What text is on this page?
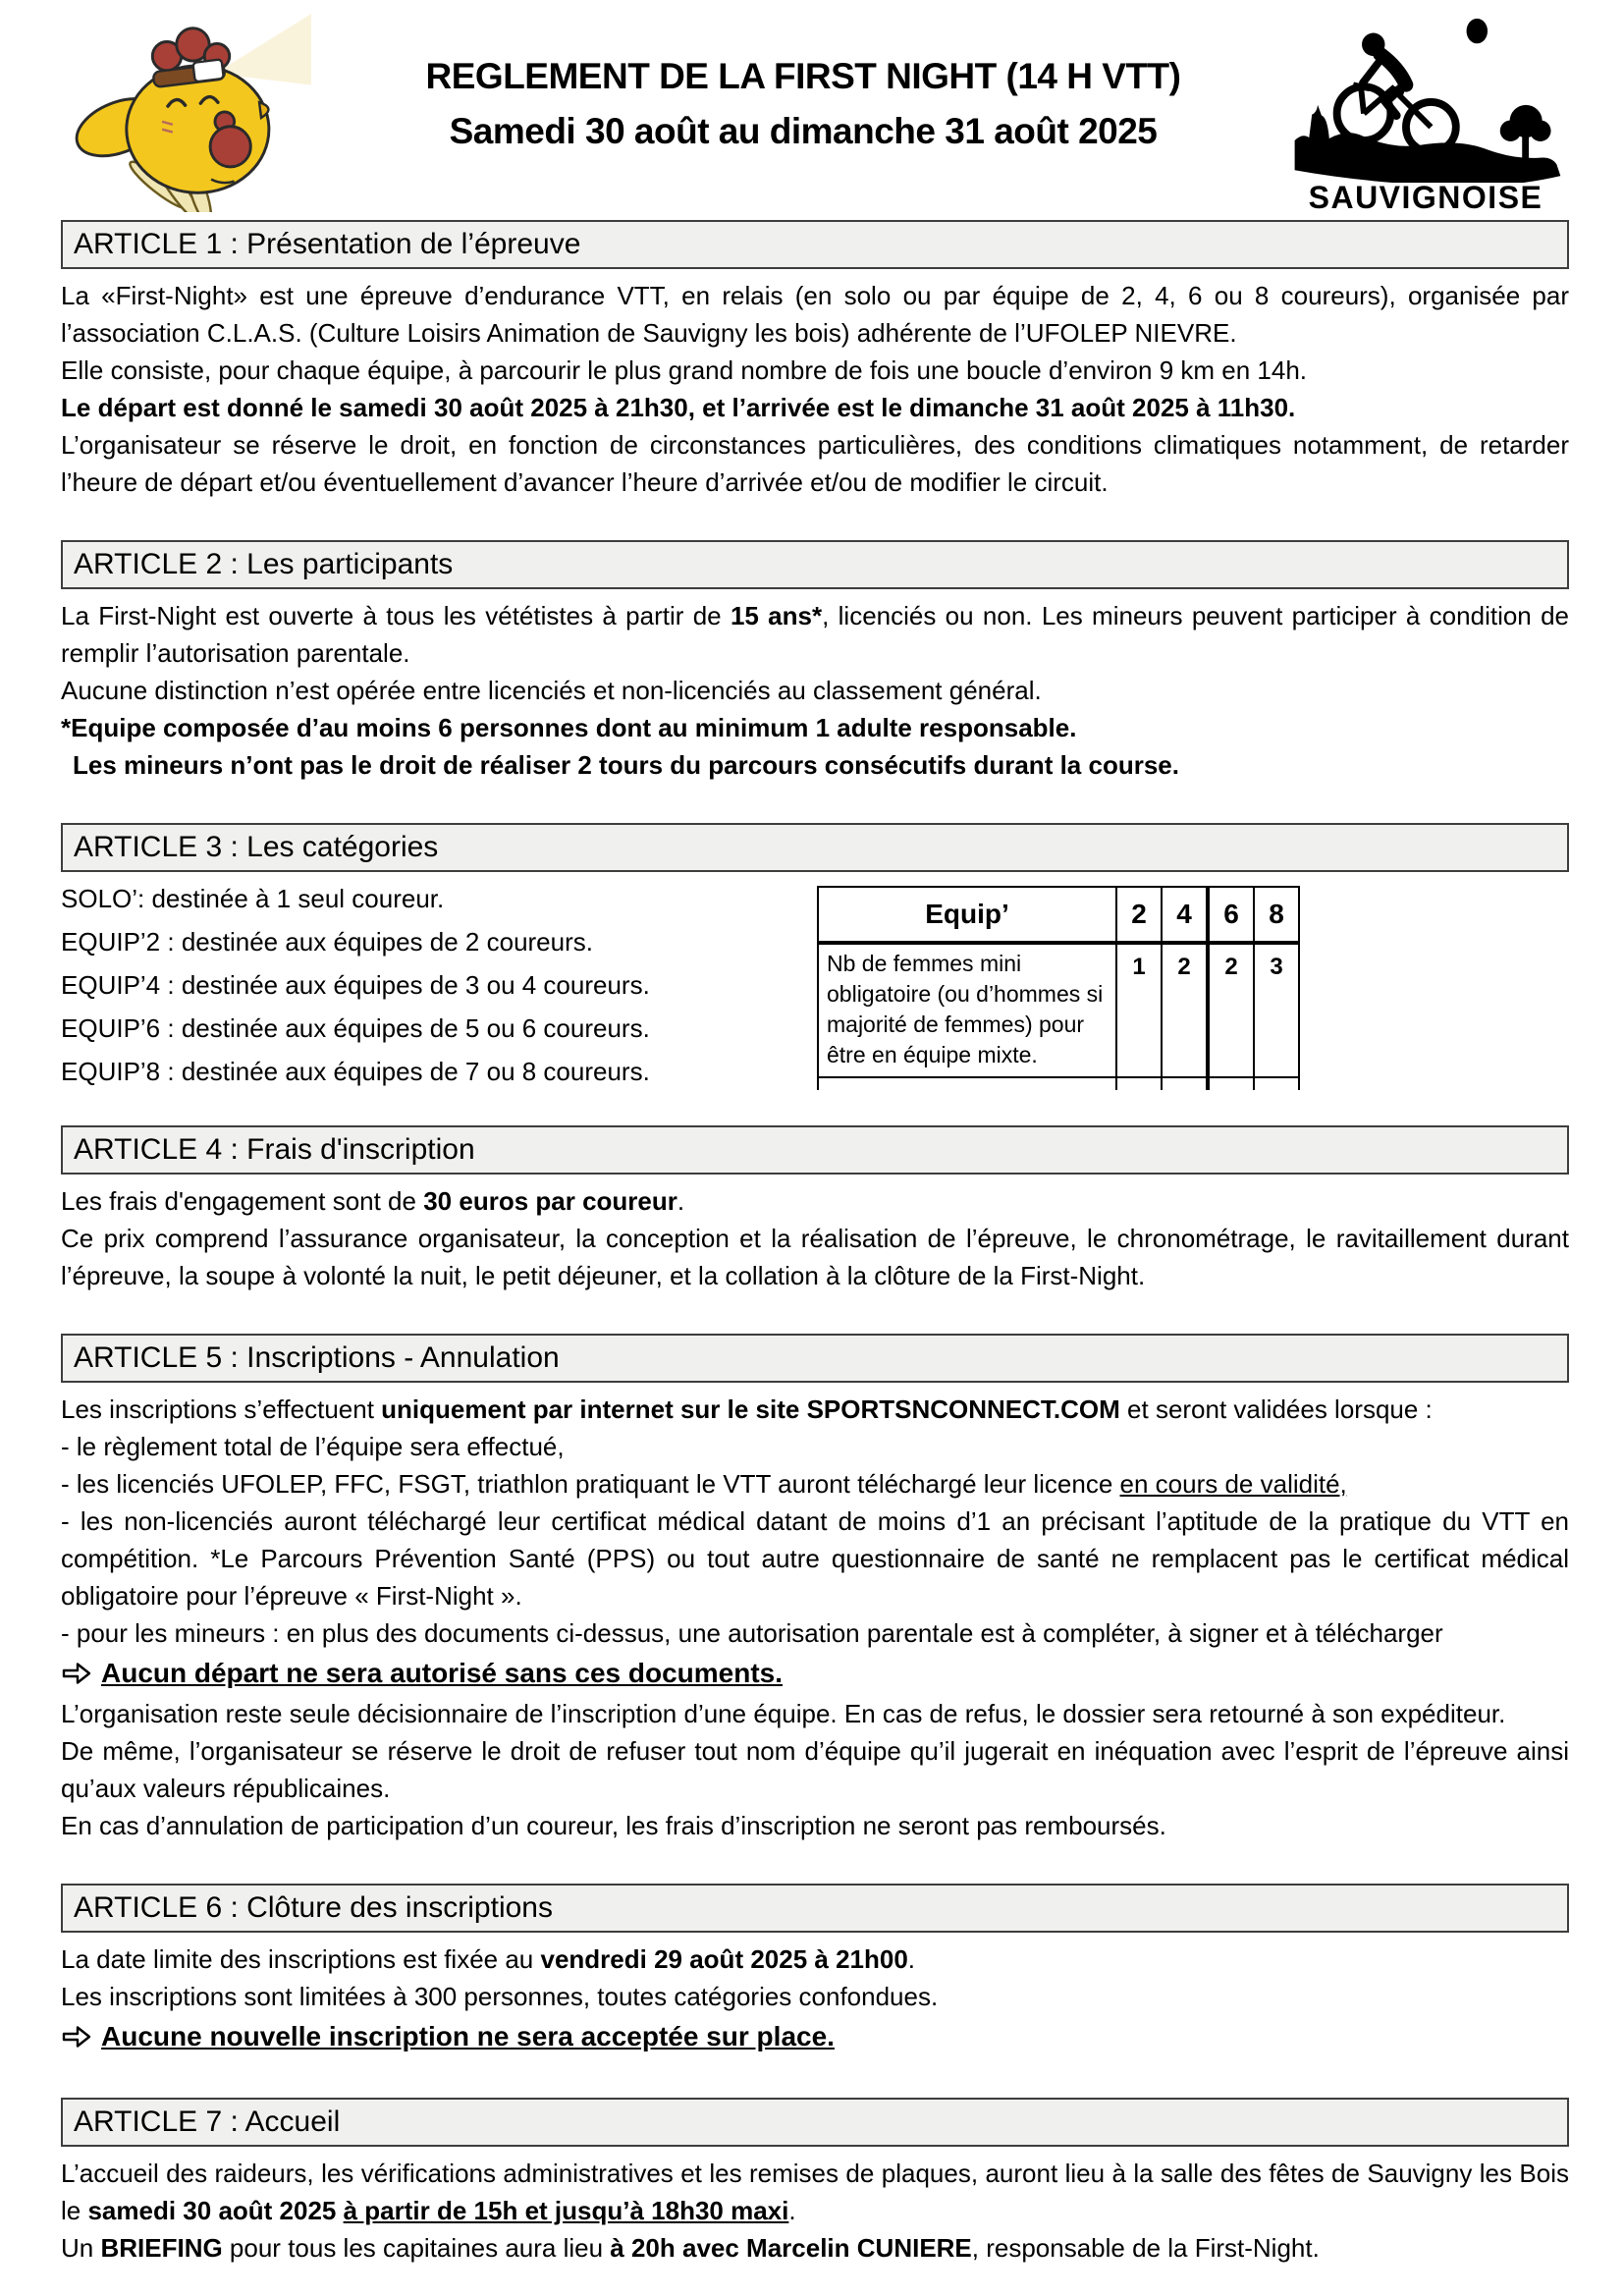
REGLEMENT DE LA FIRST NIGHT (14 H VTT)
Samedi 30 août au dimanche 31 août 2025
SAUVIGNOISE
ARTICLE 1 : Présentation de l’épreuve

La «First-Night» est une épreuve d’endurance VTT, en relais (en solo ou par équipe de 2, 4, 6 ou 8 coureurs), organisée par l’association C.L.A.S. (Culture Loisirs Animation de Sauvigny les bois) adhérente de l’UFOLEP NIEVRE.

Elle consiste, pour chaque équipe, à parcourir le plus grand nombre de fois une boucle d’environ 9 km en 14h.

Le départ est donné le samedi 30 août 2025 à 21h30, et l’arrivée est le dimanche 31 août 2025 à 11h30.

L’organisateur se réserve le droit, en fonction de circonstances particulières, des conditions climatiques notamment, de retarder l’heure de départ et/ou éventuellement d’avancer l’heure d’arrivée et/ou de modifier le circuit.

ARTICLE 2 : Les participants

La First-Night est ouverte à tous les vététistes à partir de 15 ans*, licenciés ou non. Les mineurs peuvent participer à condition de remplir l’autorisation parentale.

Aucune distinction n’est opérée entre licenciés et non-licenciés au classement général.

*Equipe composée d’au moins 6 personnes dont au minimum 1 adulte responsable.

Les mineurs n’ont pas le droit de réaliser 2 tours du parcours consécutifs durant la course.

ARTICLE 3 : Les catégories
SOLO’: destinée à 1 seul coureur.
EQUIP’2 : destinée aux équipes de 2 coureurs.
EQUIP’4 : destinée aux équipes de 3 ou 4 coureurs.
EQUIP’6 : destinée aux équipes de 5 ou 6 coureurs.
EQUIP’8 : destinée aux équipes de 7 ou 8 coureurs.
Equip’	2	4	6	8
Nb de femmes mini obligatoire (ou d’hommes si majorité de femmes) pour être en équipe mixte.	1	2	2	3

ARTICLE 4 : Frais d'inscription

Les frais d'engagement sont de 30 euros par coureur.

Ce prix comprend l’assurance organisateur, la conception et la réalisation de l’épreuve, le chronométrage, le ravitaillement durant l’épreuve, la soupe à volonté la nuit, le petit déjeuner, et la collation à la clôture de la First-Night.

ARTICLE 5 : Inscriptions - Annulation

Les inscriptions s’effectuent uniquement par internet sur le site SPORTSNCONNECT.COM et seront validées lorsque :

- le règlement total de l’équipe sera effectué,

- les licenciés UFOLEP, FFC, FSGT, triathlon pratiquant le VTT auront téléchargé leur licence en cours de validité,

- les non-licenciés auront téléchargé leur certificat médical datant de moins d’1 an précisant l’aptitude de la pratique du VTT en compétition. *Le Parcours Prévention Santé (PPS) ou tout autre questionnaire de santé ne remplacent pas le certificat médical obligatoire pour l’épreuve « First-Night ».

- pour les mineurs : en plus des documents ci-dessus, une autorisation parentale est à compléter, à signer et à télécharger

Aucun départ ne sera autorisé sans ces documents.

L’organisation reste seule décisionnaire de l’inscription d’une équipe. En cas de refus, le dossier sera retourné à son expéditeur.

De même, l’organisateur se réserve le droit de refuser tout nom d’équipe qu’il jugerait en inéquation avec l’esprit de l’épreuve ainsi qu’aux valeurs républicaines.

En cas d’annulation de participation d’un coureur, les frais d’inscription ne seront pas remboursés.

ARTICLE 6 : Clôture des inscriptions

La date limite des inscriptions est fixée au vendredi 29 août 2025 à 21h00.

Les inscriptions sont limitées à 300 personnes, toutes catégories confondues.

Aucune nouvelle inscription ne sera acceptée sur place.

ARTICLE 7 : Accueil

L’accueil des raideurs, les vérifications administratives et les remises de plaques, auront lieu à la salle des fêtes de Sauvigny les Bois le samedi 30 août 2025 à partir de 15h et jusqu’à 18h30 maxi.

Un BRIEFING pour tous les capitaines aura lieu à 20h avec Marcelin CUNIERE, responsable de la First-Night.
